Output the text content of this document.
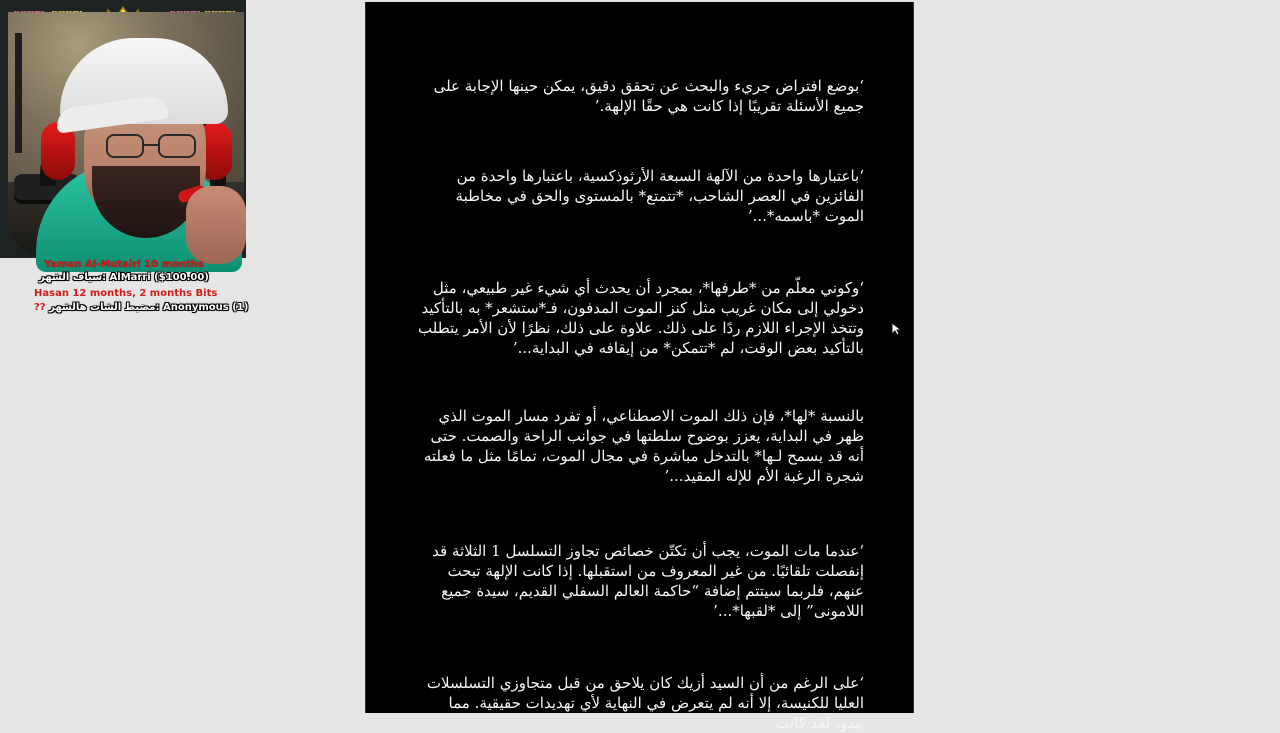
Yaman Al-Mutairi 10 months
سياف الشهر: AlMarri ($100.00)
Hasan 12 months, 2 months Bits
?? مضبط الشات هالشهر: Anonymous (1)

‘بوضع افتراض جريء والبحث عن تحقق دقيق، يمكن حينها الإجابة على جميع الأسئلة تقريبًا إذا كانت هي حقًا الإلهة.’

‘باعتبارها واحدة من الآلهة السبعة الأرثوذكسية، باعتبارها واحدة من الفائزين في العصر الشاحب، *تتمتع* بالمستوى والحق في مخاطبة الموت *باسمه*...’

‘وكوني معلّم من *طرفها*، بمجرد أن يحدث أي شيء غير طبيعي، مثل دخولي إلى مكان غريب مثل كنز الموت المدفون، فـ*ستشعر* به بالتأكيد وتتخذ الإجراء اللازم ردًا على ذلك. علاوة على ذلك، نظرًا لأن الأمر يتطلب بالتأكيد بعض الوقت، لم *تتمكن* من إيقافه في البداية...’

بالنسبة *لها*، فإن ذلك الموت الاصطناعي، أو تفرد مسار الموت الذي ظهر في البداية، يعزز بوضوح سلطتها في جوانب الراحة والصمت. حتى أنه قد يسمح لـها* بالتدخل مباشرة في مجال الموت، تمامًا مثل ما فعلته شجرة الرغبة الأم للإله المقيد...’

‘عندما مات الموت، يجب أن تكتّن خصائص تجاوز التسلسل 1 الثلاثة قد إنفصلت تلقائيًا. من غير المعروف من استقبلها. إذا كانت الإلهة تبحث عنهم، فلربما سيتتم إضافة “حاكمة العالم السفلي القديم، سيدة جميع اللامونى” إلى *لقبها*...’

‘على الرغم من أن السيد أزيك كان يلاحق من قبل متجاوزي التسلسلات العليا للكنيسة، إلا أنه لم يتعرض في النهاية لأي تهديدات حقيقية. مما يبدو، لقد كانت
